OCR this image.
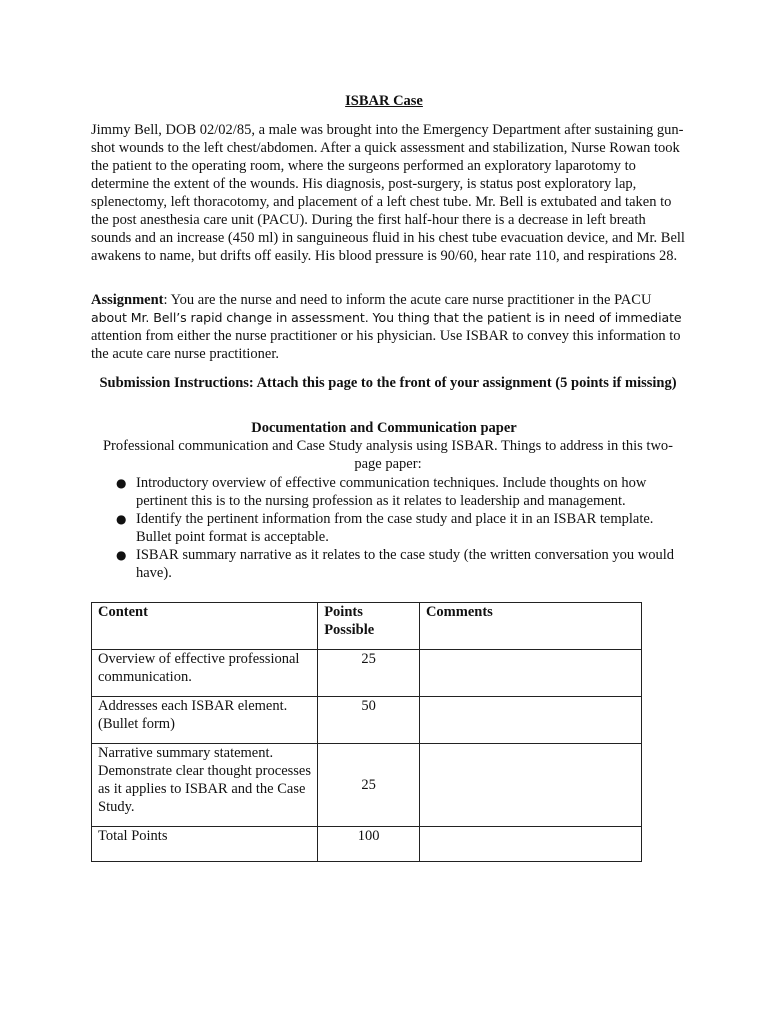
ISBAR Case

Jimmy Bell, DOB 02/02/85, a male was brought into the Emergency Department after sustaining gun-shot wounds to the left chest/abdomen. After a quick assessment and stabilization, Nurse Rowan took the patient to the operating room, where the surgeons performed an exploratory laparotomy to determine the extent of the wounds. His diagnosis, post-surgery, is status post exploratory lap, splenectomy, left thoracotomy, and placement of a left chest tube. Mr. Bell is extubated and taken to the post anesthesia care unit (PACU). During the first half-hour there is a decrease in left breath sounds and an increase (450 ml) in sanguineous fluid in his chest tube evacuation device, and Mr. Bell awakens to name, but drifts off easily. His blood pressure is 90/60, hear rate 110, and respirations 28.

Assignment: You are the nurse and need to inform the acute care nurse practitioner in the PACU about Mr. Bell’s rapid change in assessment. You thing that the patient is in need of immediate attention from either the nurse practitioner or his physician. Use ISBAR to convey this information to the acute care nurse practitioner.

Submission Instructions: Attach this page to the front of your assignment (5 points if missing)
Documentation and Communication paper
Professional communication and Case Study analysis using ISBAR. Things to address in this two-page paper:
● Introductory overview of effective communication techniques. Include thoughts on how pertinent this is to the nursing profession as it relates to leadership and management.
● Identify the pertinent information from the case study and place it in an ISBAR template. Bullet point format is acceptable.
● ISBAR summary narrative as it relates to the case study (the written conversation you would have).
Content	Points Possible	Comments
Overview of effective professional communication.	25	
Addresses each ISBAR element. (Bullet form)	50	
Narrative summary statement. Demonstrate clear thought processes as it applies to ISBAR and the Case Study.	25	
Total Points	100	
